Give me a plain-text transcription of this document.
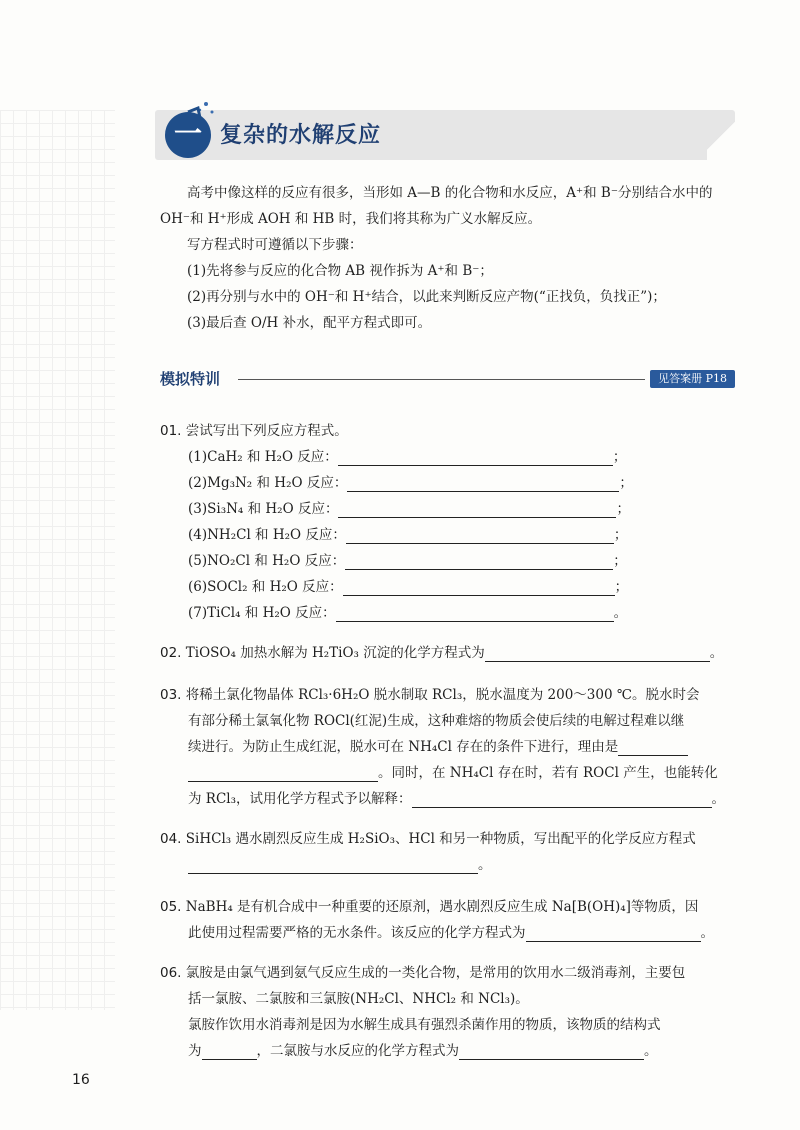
一 复杂的水解反应

高考中像这样的反应有很多，当形如 A—B 的化合物和水反应，A⁺和 B⁻分别结合水中的 OH⁻和 H⁺形成 AOH 和 HB 时，我们将其称为广义水解反应。

写方程式时可遵循以下步骤：

(1)先将参与反应的化合物 AB 视作拆为 A⁺和 B⁻；

(2)再分别与水中的 OH⁻和 H⁺结合，以此来判断反应产物(“正找负，负找正”)；

(3)最后查 O/H 补水，配平方程式即可。

模拟特训	见答案册 P18

01. 尝试写出下列反应方程式。

(1)CaH₂ 和 H₂O 反应：	；

(2)Mg₃N₂ 和 H₂O 反应：	；

(3)Si₃N₄ 和 H₂O 反应：	；

(4)NH₂Cl 和 H₂O 反应：	；

(5)NO₂Cl 和 H₂O 反应：	；

(6)SOCl₂ 和 H₂O 反应：	；

(7)TiCl₄ 和 H₂O 反应：	。

02. TiOSO₄ 加热水解为 H₂TiO₃ 沉淀的化学方程式为	。

03. 将稀土氯化物晶体 RCl₃·6H₂O 脱水制取 RCl₃，脱水温度为 200～300 ℃。脱水时会

有部分稀土氯氧化物 ROCl(红泥)生成，这种难熔的物质会使后续的电解过程难以继

续进行。为防止生成红泥，脱水可在 NH₄Cl 存在的条件下进行，理由是

。同时，在 NH₄Cl 存在时，若有 ROCl 产生，也能转化

为 RCl₃，试用化学方程式予以解释：	。

04. SiHCl₃ 遇水剧烈反应生成 H₂SiO₃、HCl 和另一种物质，写出配平的化学反应方程式

。

05. NaBH₄ 是有机合成中一种重要的还原剂，遇水剧烈反应生成 Na[B(OH)₄]等物质，因

此使用过程需要严格的无水条件。该反应的化学方程式为	。

06. 氯胺是由氯气遇到氨气反应生成的一类化合物，是常用的饮用水二级消毒剂，主要包

括一氯胺、二氯胺和三氯胺(NH₂Cl、NHCl₂ 和 NCl₃)。

氯胺作饮用水消毒剂是因为水解生成具有强烈杀菌作用的物质，该物质的结构式

为	，二氯胺与水反应的化学方程式为	。

16
